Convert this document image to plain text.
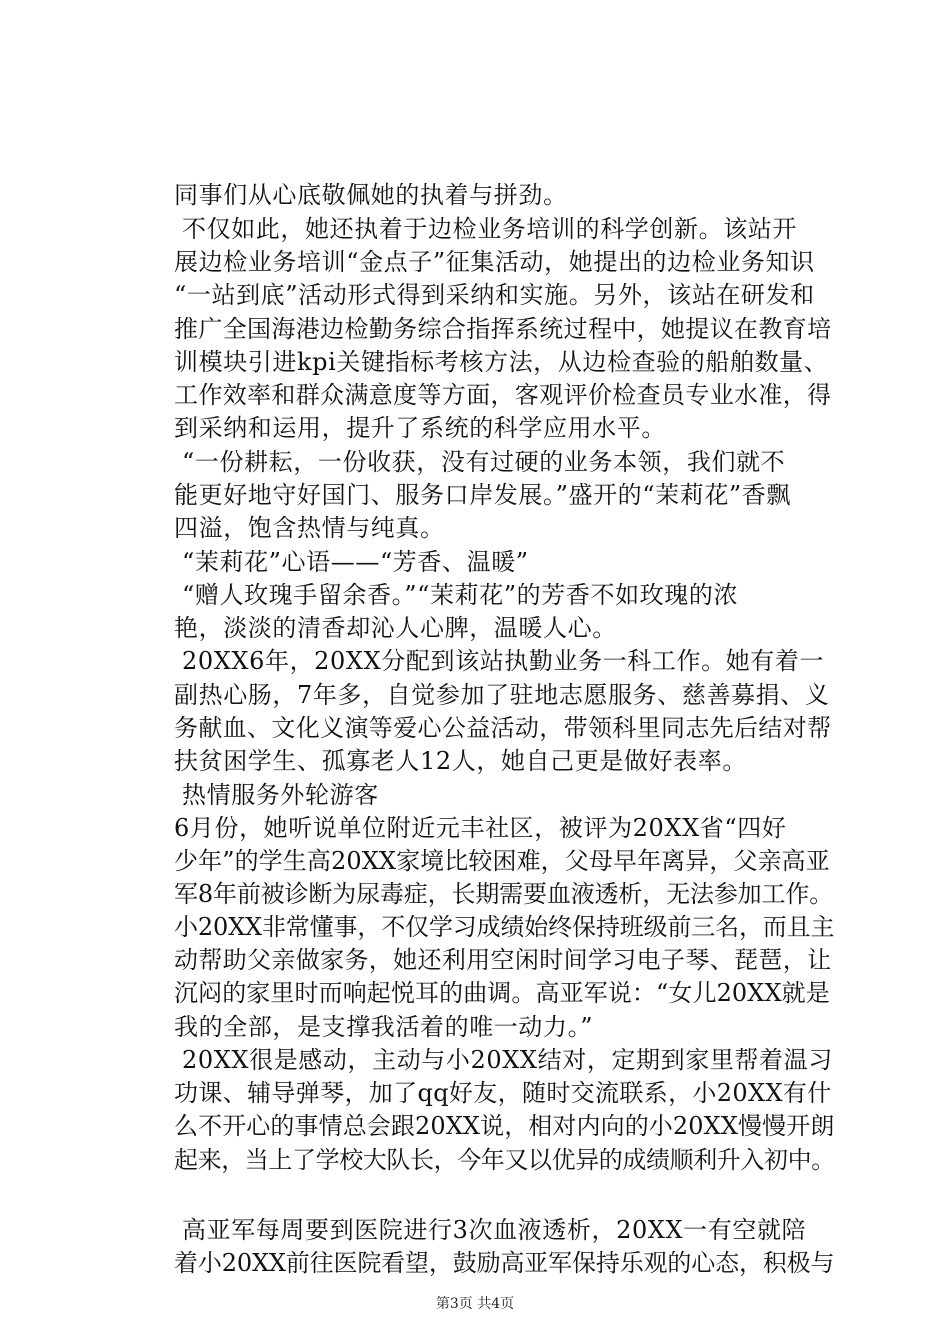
同事们从心底敬佩她的执着与拼劲。
不仅如此，她还执着于边检业务培训的科学创新。该站开
展边检业务培训“金点子”征集活动，她提出的边检业务知识
“一站到底”活动形式得到采纳和实施。另外，该站在研发和
推广全国海港边检勤务综合指挥系统过程中，她提议在教育培
训模块引进kpi关键指标考核方法，从边检查验的船舶数量、
工作效率和群众满意度等方面，客观评价检查员专业水准，得
到采纳和运用，提升了系统的科学应用水平。
“一份耕耘，一份收获，没有过硬的业务本领，我们就不
能更好地守好国门、服务口岸发展。”盛开的“茉莉花”香飘
四溢，饱含热情与纯真。
“茉莉花”心语——“芳香、温暖”
“赠人玫瑰手留余香。”“茉莉花”的芳香不如玫瑰的浓
艳，淡淡的清香却沁人心脾，温暖人心。
20XX6年，20XX分配到该站执勤业务一科工作。她有着一
副热心肠，7年多，自觉参加了驻地志愿服务、慈善募捐、义
务献血、文化义演等爱心公益活动，带领科里同志先后结对帮
扶贫困学生、孤寡老人12人，她自己更是做好表率。
热情服务外轮游客
6月份，她听说单位附近元丰社区，被评为20XX省“四好
少年”的学生高20XX家境比较困难，父母早年离异，父亲高亚
军8年前被诊断为尿毒症，长期需要血液透析，无法参加工作。
小20XX非常懂事，不仅学习成绩始终保持班级前三名，而且主
动帮助父亲做家务，她还利用空闲时间学习电子琴、琵琶，让
沉闷的家里时而响起悦耳的曲调。高亚军说：“女儿20XX就是
我的全部，是支撑我活着的唯一动力。”
20XX很是感动，主动与小20XX结对，定期到家里帮着温习
功课、辅导弹琴，加了qq好友，随时交流联系，小20XX有什
么不开心的事情总会跟20XX说，相对内向的小20XX慢慢开朗
起来，当上了学校大队长，今年又以优异的成绩顺利升入初中。
高亚军每周要到医院进行3次血液透析，20XX一有空就陪
着小20XX前往医院看望，鼓励高亚军保持乐观的心态，积极与
第3页 共4页
